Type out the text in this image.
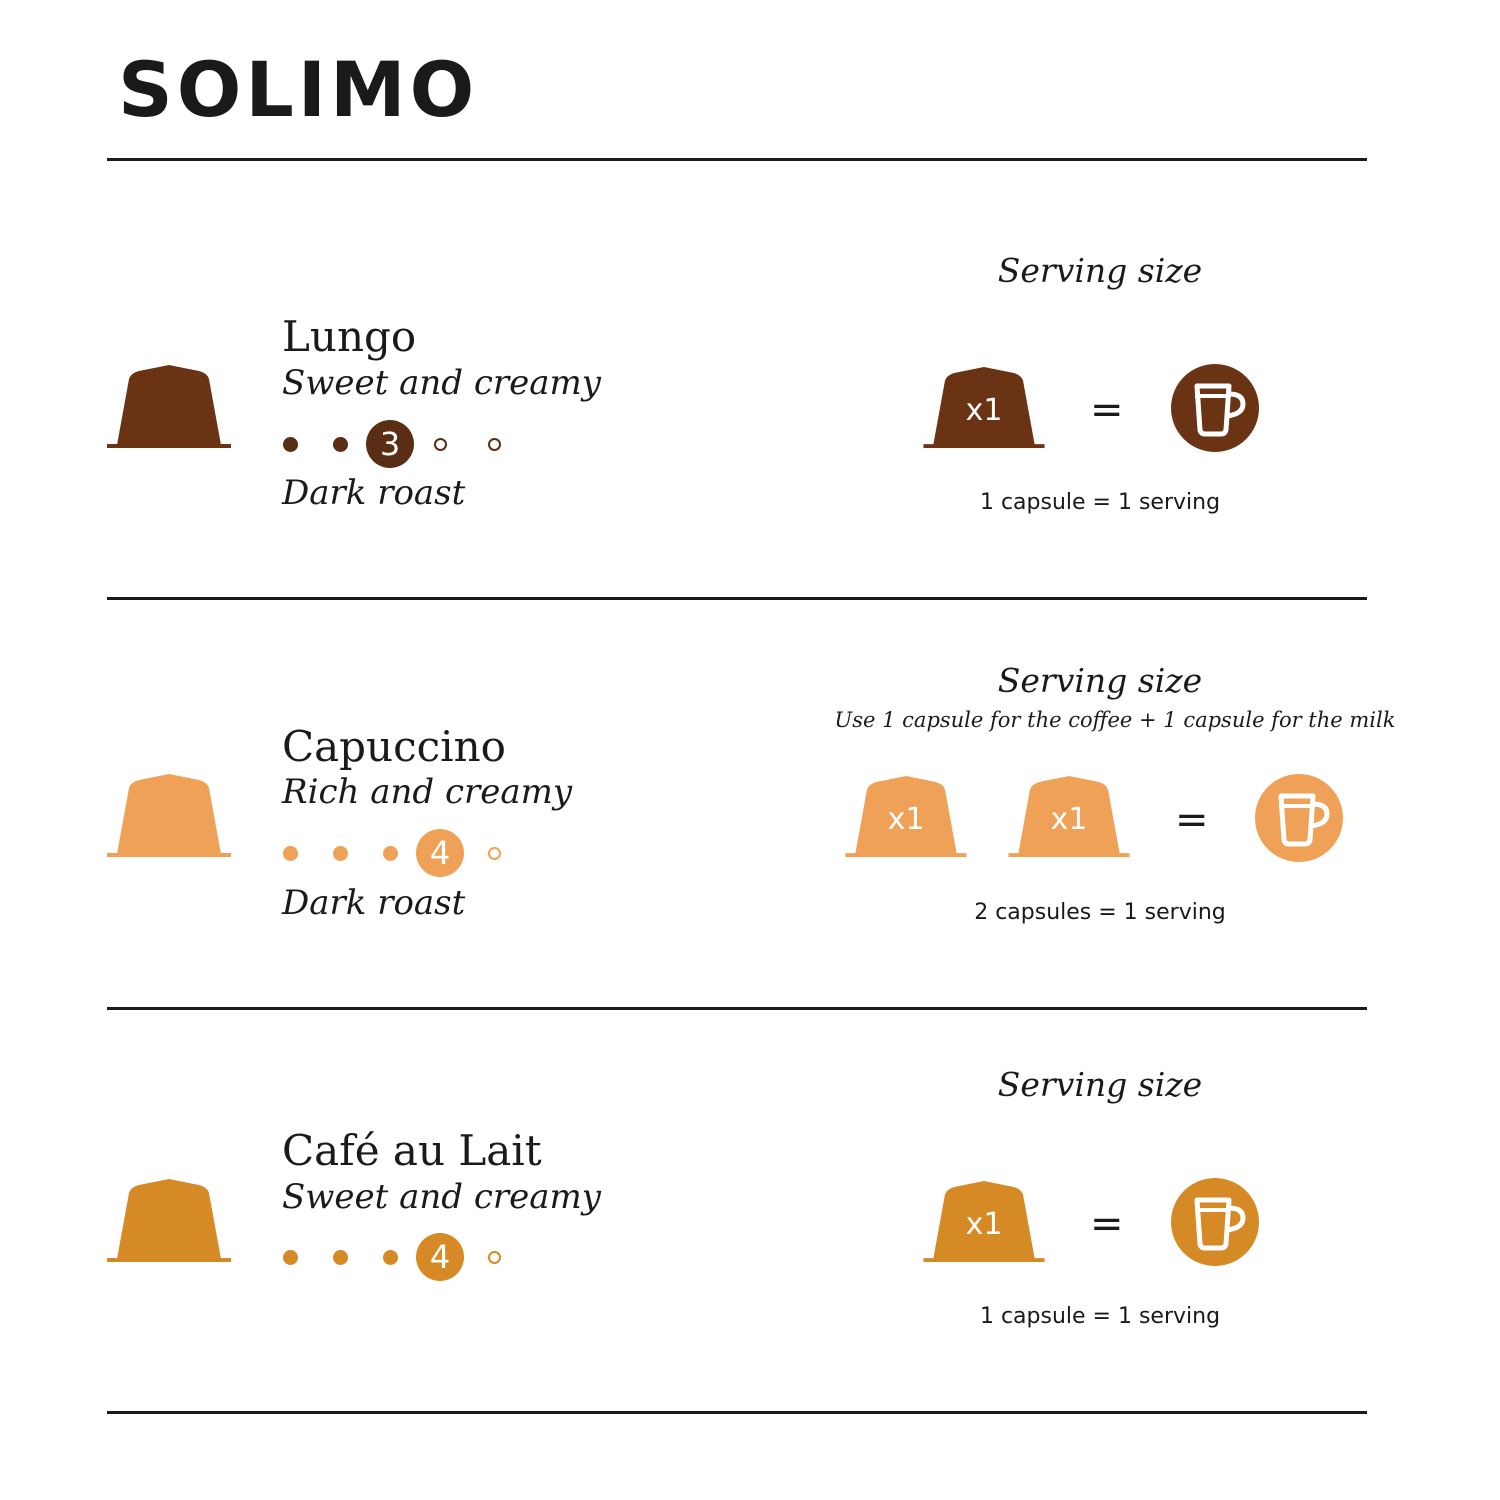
SOLIMO
Lungo
Sweet and creamy
3
Dark roast
Serving size
x1	=
1 capsule = 1 serving
Capuccino
Rich and creamy
4
Dark roast
Serving size
Use 1 capsule for the coffee + 1 capsule for the milk
x1	x1	=
2 capsules = 1 serving
Café au Lait
Sweet and creamy
4
Serving size
x1	=
1 capsule = 1 serving
